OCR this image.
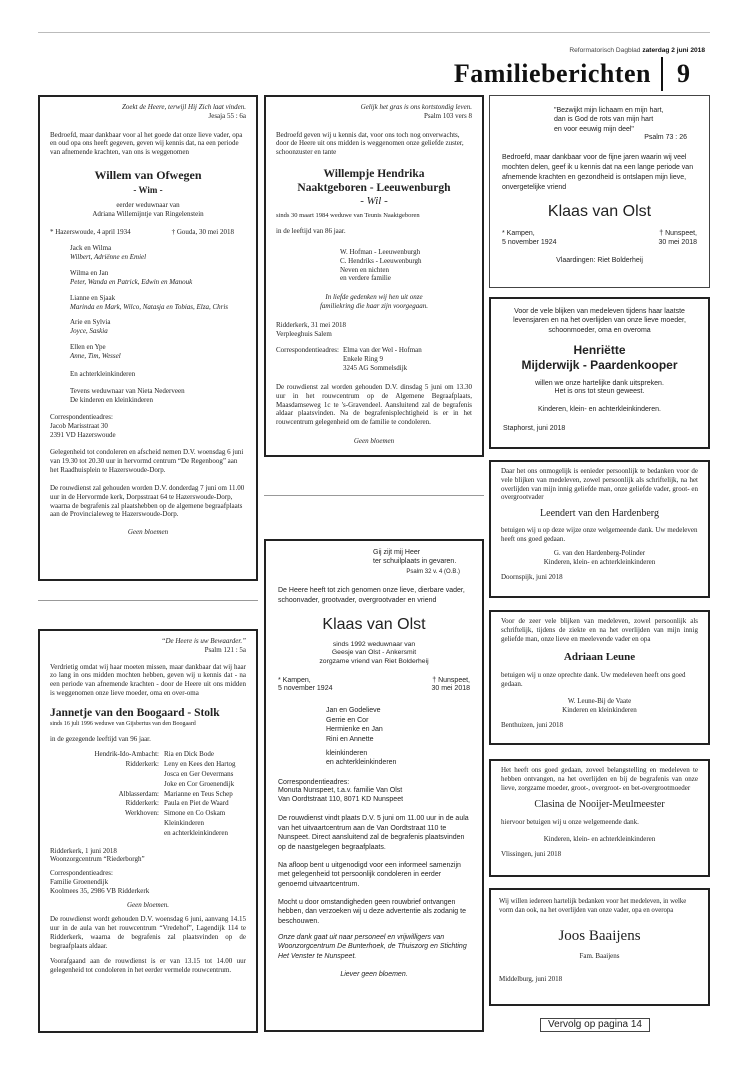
Reformatorisch Dagblad zaterdag 2 juni 2018
Familieberichten	9
Zoekt de Heere, terwijl Hij Zich laat vinden.
Jesaja 55 : 6a
Bedroefd, maar dankbaar voor al het goede dat onze lieve vader, opa en oud opa ons heeft gegeven, geven wij kennis dat, na een periode van afnemende krachten, van ons is weggenomen
Willem van Ofwegen
- Wim -
eerder weduwnaar van
Adriana Willemijntje van Ringelenstein
* Hazerswoude, 4 april 1934	† Gouda, 30 mei 2018
Jack en Wilma
Wilbert, Adriënne en Emiel
Wilma en Jan
Peter, Wanda en Patrick, Edwin en Manouk
Lianne en Sjaak
Marinda en Mark, Wilco, Natasja en Tobias, Elza, Chris
Arie en Sylvia
Joyce, Saskia
Ellen en Ype
Anne, Tim, Wessel
En achterkleinkinderen
Tevens weduwnaar van Nieta Nederveen
De kinderen en kleinkinderen
Correspondentieadres:
Jacob Marisstraat 30
2391 VD Hazerswoude
Gelegenheid tot condoleren en afscheid nemen D.V. woensdag 6 juni van 19.30 tot 20.30 uur in hervormd centrum “De Regenboog” aan het Raadhuisplein te Hazerswoude-Dorp.
De rouwdienst zal gehouden worden D.V. donderdag 7 juni om 11.00 uur in de Hervormde kerk, Dorpsstraat 64 te Hazerswoude-Dorp, waarna de begrafenis zal plaatshebben op de algemene begraafplaats aan de Provincialeweg te Hazerswoude-Dorp.
Geen bloemen
Gelijk het gras is ons kortstondig leven.
Psalm 103 vers 8
Bedroefd geven wij u kennis dat, voor ons toch nog onverwachts, door de Heere uit ons midden is weggenomen onze geliefde zuster, schoonzuster en tante
Willempje Hendrika
Naaktgeboren - Leeuwenburgh
- Wil -
sinds 30 maart 1984 weduwe van Teunis Naaktgeboren
in de leeftijd van 86 jaar.
W. Hofman - Leeuwenburgh
C. Hendriks - Leeuwenburgh
Neven en nichten
en verdere familie
In liefde gedenken wij hen uit onze
familiekring die haar zijn voorgegaan.
Ridderkerk, 31 mei 2018
Verpleeghuis Salem
Correspondentieadres: Elma van der Wel - Hofman
Enkele Ring 9
3245 AG Sommelsdijk
De rouwdienst zal worden gehouden D.V. dinsdag 5 juni om 13.30 uur in het rouwcentrum op de Algemene Begraafplaats, Maasdamseweg 1c te 's-Gravendeel. Aansluitend zal de begrafenis aldaar plaatsvinden. Na de begrafenisplechtigheid is er in het rouwcentrum gelegenheid om de familie te condoleren.
Geen bloemen
"Bezwijkt mijn lichaam en mijn hart,
dan is God de rots van mijn hart
en voor eeuwig mijn deel"
Psalm 73 : 26
Bedroefd, maar dankbaar voor de fijne jaren waarin wij veel mochten delen, geef ik u kennis dat na een lange periode van afnemende krachten en gezondheid is ontslapen mijn lieve, onvergetelijke vriend
Klaas van Olst
* Kampen,
5 november 1924
† Nunspeet,
30 mei 2018
Vlaardingen: Riet Bolderheij
Voor de vele blijken van medeleven tijdens haar laatste levensjaren en na het overlijden van onze lieve moeder, schoonmoeder, oma en overoma
Henriëtte
Mijderwijk - Paardenkooper
willen we onze hartelijke dank uitspreken.
Het is ons tot steun geweest.
Kinderen, klein- en achterkleinkinderen.
Staphorst, juni 2018
Daar het ons onmogelijk is eenieder persoonlijk te bedanken voor de vele blijken van medeleven, zowel persoonlijk als schriftelijk, na het overlijden van mijn innig geliefde man, onze geliefde vader, groot- en overgrootvader
Leendert van den Hardenberg
betuigen wij u op deze wijze onze welgemeende dank. Uw medeleven heeft ons goed gedaan.
G. van den Hardenberg-Polinder
Kinderen, klein- en achterkleinkinderen
Doornspijk, juni 2018
Voor de zeer vele blijken van medeleven, zowel persoonlijk als schriftelijk, tijdens de ziekte en na het overlijden van mijn innig geliefde man, onze lieve en meelevende vader en opa
Adriaan Leune
betuigen wij u onze oprechte dank. Uw medeleven heeft ons goed gedaan.
W. Leune-Bij de Vaate
Kinderen en kleinkinderen
Benthuizen, juni 2018
Het heeft ons goed gedaan, zoveel belangstelling en medeleven te hebben ontvangen, na het overlijden en bij de begrafenis van onze lieve, zorgzame moeder, groot-, overgroot- en bet-overgrootmoeder
Clasina de Nooijer-Meulmeester
hiervoor betuigen wij u onze welgemeende dank.
Kinderen, klein- en achterkleinkinderen
Vlissingen, juni 2018
Wij willen iedereen hartelijk bedanken voor het medeleven, in welke vorm dan ook, na het overlijden van onze vader, opa en overopa
Joos Baaijens
Fam. Baaijens
Middelburg, juni 2018
“De Heere is uw Bewaarder.”
Psalm 121 : 5a
Verdrietig omdat wij haar moeten missen, maar dankbaar dat wij haar zo lang in ons midden mochten hebben, geven wij u kennis dat - na een periode van afnemende krachten - door de Heere uit ons midden is weggenomen onze lieve moeder, oma en over-oma
Jannetje van den Boogaard - Stolk
sinds 16 juli 1996 weduwe van Gijsbertus van den Boogaard
in de gezegende leeftijd van 96 jaar.
Hendrik-Ido-Ambacht:	Ria en Dick Bode
Ridderkerk:	Leny en Kees den Hartog
	Josca en Ger Oevermans
	Joke en Cor Groenendijk
Alblasserdam:	Marianne en Teus Schep
Ridderkerk:	Paula en Piet de Waard
Werkhoven:	Simone en Co Oskam
	Kleinkinderen
	en achterkleinkinderen
Ridderkerk, 1 juni 2018
Woonzorgcentrum “Riederborgh”
Correspondentieadres:
Familie Groenendijk
Koolmees 35, 2986 VB Ridderkerk
Geen bloemen.
De rouwdienst wordt gehouden D.V. woensdag 6 juni, aanvang 14.15 uur in de aula van het rouwcentrum “Vredehof”, Lagendijk 114 te Ridderkerk, waarna de begrafenis zal plaatsvinden op de begraafplaats aldaar.
Voorafgaand aan de rouwdienst is er van 13.15 tot 14.00 uur gelegenheid tot condoleren in het eerder vermelde rouwcentrum.
Gij zijt mij Heer
ter schuilplaats in gevaren.
Psalm 32 v. 4 (O.B.)
De Heere heeft tot zich genomen onze lieve, dierbare vader, schoonvader, grootvader, overgrootvader en vriend
Klaas van Olst
sinds 1992 weduwnaar van
Geesje van Olst - Ankersmit
zorgzame vriend van Riet Bolderheij
* Kampen,
5 november 1924
† Nunspeet,
30 mei 2018
Jan en Godelieve
Gerrie en Cor
Hermienke en Jan
Rini en Annette
kleinkinderen
en achterkleinkinderen
Correspondentieadres:
Monuta Nunspeet, t.a.v. familie Van Olst
Van Oordtstraat 110, 8071 KD Nunspeet
De rouwdienst vindt plaats D.V. 5 juni om 11.00 uur in de aula van het uitvaartcentrum aan de Van Oordtstraat 110 te Nunspeet. Direct aansluitend zal de begrafenis plaatsvinden op de naastgelegen begraafplaats.
Na afloop bent u uitgenodigd voor een informeel samenzijn met gelegenheid tot persoonlijk condoleren in eerder genoemd uitvaartcentrum.
Mocht u door omstandigheden geen rouwbrief ontvangen hebben, dan verzoeken wij u deze advertentie als zodanig te beschouwen.
Onze dank gaat uit naar personeel en vrijwilligers van Woonzorgcentrum De Bunterhoek, de Thuiszorg en Stichting Het Venster te Nunspeet.
Liever geen bloemen.
Vervolg op pagina 14
